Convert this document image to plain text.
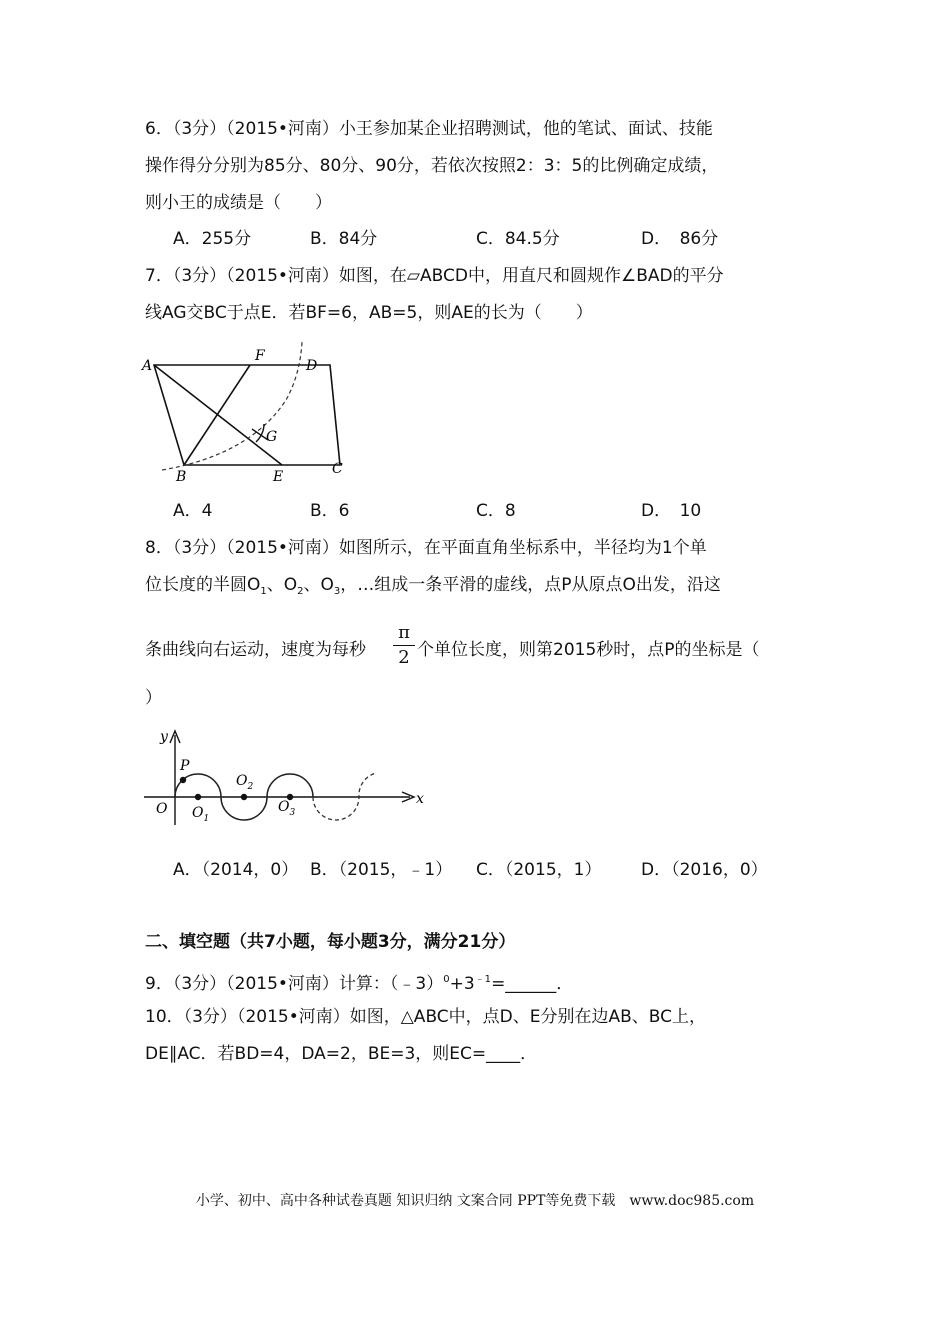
6．（3分）（2015•河南）小王参加某企业招聘测试，他的笔试、面试、技能
操作得分分别为85分、80分、90分，若依次按照2：3：5的比例确定成绩，
则小王的成绩是（　　）
A．255分	B．84分	C．84.5分	D．　86分
7．（3分）（2015•河南）如图，在▱ABCD中，用直尺和圆规作∠BAD的平分
线AG交BC于点E．若BF=6，AB=5，则AE的长为（　　）
A
F
D
G
B	E	C
A．4	B．6	C．8	D．　10
8．（3分）（2015•河南）如图所示，在平面直角坐标系中，半径均为1个单
位长度的半圆$O_1$、$O_2$、$O_3$，…组成一条平滑的虚线，点P从原点O出发，沿这
条曲线向右运动，速度为每秒
π
2 个单位长度，则第2015秒时，点P的坐标是（
）
y
x
O
P
$O_1$
$O_2$
$O_3$
A．（2014，0） B．（2015，﹣1） C．（2015，1） D．（2016，0）
二、填空题（共7小题，每小题3分，满分21分）
9．（3分）（2015•河南）计算：$(﹣3)^0+3^{﹣1}=\_\_\_\_\_\_$．
10．（3分）（2015•河南）如图，△ABC中，点D、E分别在边AB、BC上，
DE∥AC．若BD=4，DA=2，BE=3，则EC=____．
小学、初中、高中各种试卷真题 知识归纳 文案合同 PPT等免费下载　www.doc985.com
